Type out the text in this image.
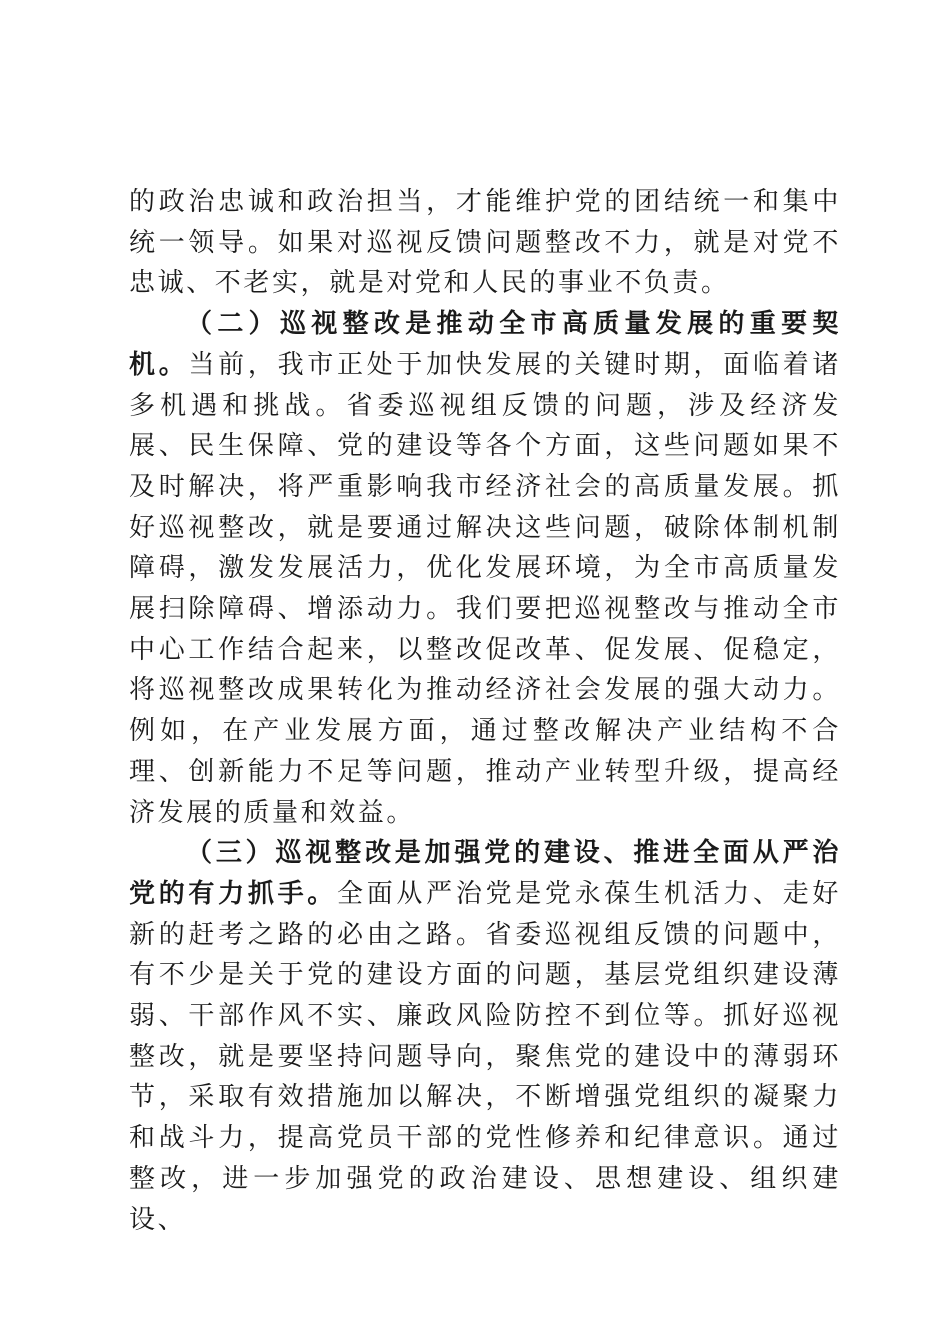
的政治忠诚和政治担当，才能维护党的团结统一和集中统一领导。如果对巡视反馈问题整改不力，就是对党不忠诚、不老实，就是对党和人民的事业不负责。

（二）巡视整改是推动全市高质量发展的重要契机。当前，我市正处于加快发展的关键时期，面临着诸多机遇和挑战。省委巡视组反馈的问题，涉及经济发展、民生保障、党的建设等各个方面，这些问题如果不及时解决，将严重影响我市经济社会的高质量发展。抓好巡视整改，就是要通过解决这些问题，破除体制机制障碍，激发发展活力，优化发展环境，为全市高质量发展扫除障碍、增添动力。我们要把巡视整改与推动全市中心工作结合起来，以整改促改革、促发展、促稳定，将巡视整改成果转化为推动经济社会发展的强大动力。例如，在产业发展方面，通过整改解决产业结构不合理、创新能力不足等问题，推动产业转型升级，提高经济发展的质量和效益。

（三）巡视整改是加强党的建设、推进全面从严治党的有力抓手。全面从严治党是党永葆生机活力、走好新的赶考之路的必由之路。省委巡视组反馈的问题中，有不少是关于党的建设方面的问题，基层党组织建设薄弱、干部作风不实、廉政风险防控不到位等。抓好巡视整改，就是要坚持问题导向，聚焦党的建设中的薄弱环节，采取有效措施加以解决，不断增强党组织的凝聚力和战斗力，提高党员干部的党性修养和纪律意识。通过整改，进一步加强党的政治建设、思想建设、组织建设、
